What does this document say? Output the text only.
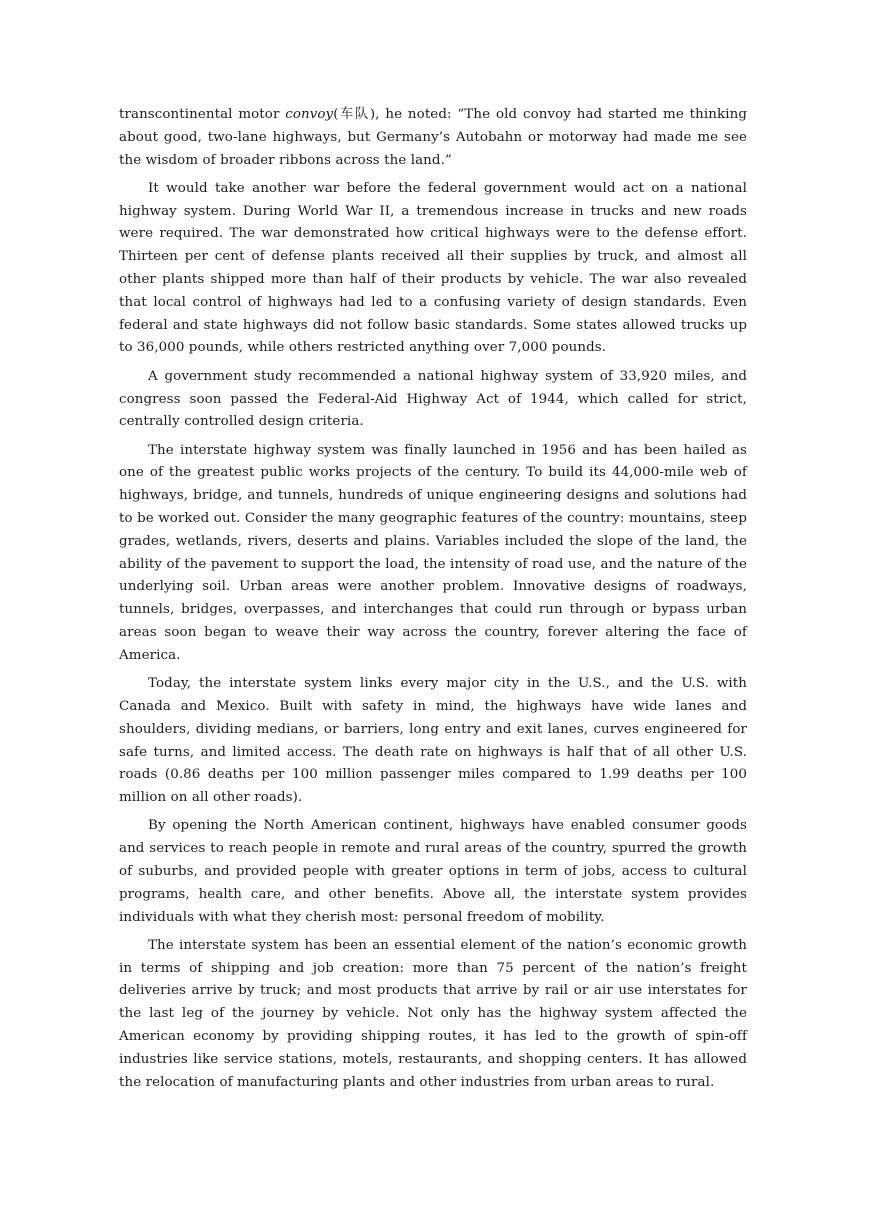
transcontinental motor convoy(车队), he noted: “The old convoy had started me thinking about good, two-lane highways, but Germany’s Autobahn or motorway had made me see the wisdom of broader ribbons across the land.”

It would take another war before the federal government would act on a national highway system. During World War II, a tremendous increase in trucks and new roads were required. The war demonstrated how critical highways were to the defense effort. Thirteen per cent of defense plants received all their supplies by truck, and almost all other plants shipped more than half of their products by vehicle. The war also revealed that local control of highways had led to a confusing variety of design standards. Even federal and state highways did not follow basic standards. Some states allowed trucks up to 36,000 pounds, while others restricted anything over 7,000 pounds.

A government study recommended a national highway system of 33,920 miles, and congress soon passed the Federal-Aid Highway Act of 1944, which called for strict, centrally controlled design criteria.

The interstate highway system was finally launched in 1956 and has been hailed as one of the greatest public works projects of the century. To build its 44,000-mile web of highways, bridge, and tunnels, hundreds of unique engineering designs and solutions had to be worked out. Consider the many geographic features of the country: mountains, steep grades, wetlands, rivers, deserts and plains. Variables included the slope of the land, the ability of the pavement to support the load, the intensity of road use, and the nature of the underlying soil. Urban areas were another problem. Innovative designs of roadways, tunnels, bridges, overpasses, and interchanges that could run through or bypass urban areas soon began to weave their way across the country, forever altering the face of America.

Today, the interstate system links every major city in the U.S., and the U.S. with Canada and Mexico. Built with safety in mind, the highways have wide lanes and shoulders, dividing medians, or barriers, long entry and exit lanes, curves engineered for safe turns, and limited access. The death rate on highways is half that of all other U.S. roads (0.86 deaths per 100 million passenger miles compared to 1.99 deaths per 100 million on all other roads).

By opening the North American continent, highways have enabled consumer goods and services to reach people in remote and rural areas of the country, spurred the growth of suburbs, and provided people with greater options in term of jobs, access to cultural programs, health care, and other benefits. Above all, the interstate system provides individuals with what they cherish most: personal freedom of mobility.

The interstate system has been an essential element of the nation’s economic growth in terms of shipping and job creation: more than 75 percent of the nation’s freight deliveries arrive by truck; and most products that arrive by rail or air use interstates for the last leg of the journey by vehicle. Not only has the highway system affected the American economy by providing shipping routes, it has led to the growth of spin-off industries like service stations, motels, restaurants, and shopping centers. It has allowed the relocation of manufacturing plants and other industries from urban areas to rural.
